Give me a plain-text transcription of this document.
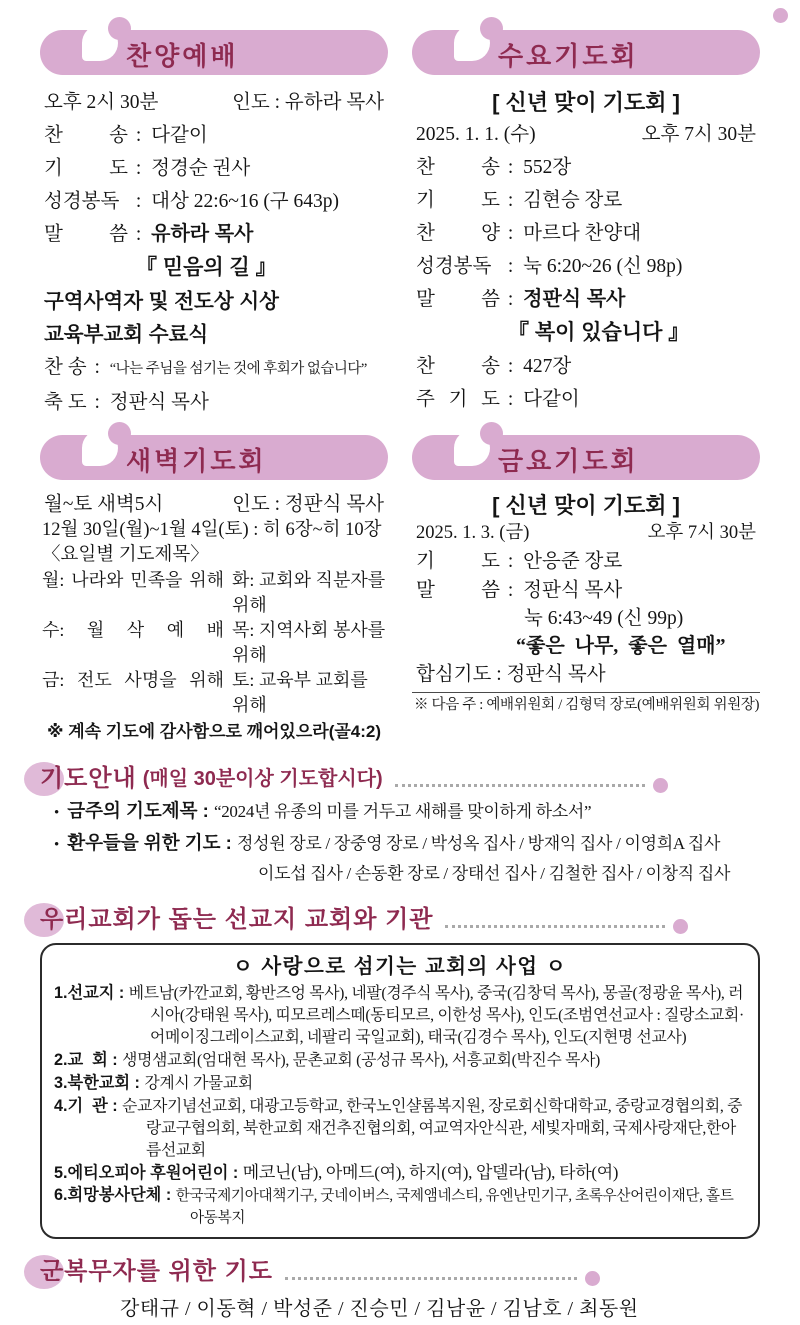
찬양예배
오후 2시 30분	인도 : 유하라 목사
찬 송 : 다같이
기 도 : 정경순 권사
성경봉독 : 대상 22:6~16 (구 643p)
말 씀 : 유하라 목사
『 믿음의 길 』
구역사역자 및 전도상 시상
교육부교회 수료식
찬 송 : “나는 주님을 섬기는 것에 후회가 없습니다”
축 도 : 정판식 목사
수요기도회
[ 신년 맞이 기도회 ]
2025. 1. 1. (수)	오후 7시 30분
찬 송 : 552장
기 도 : 김현승 장로
찬 양 : 마르다 찬양대
성경봉독 : 눅 6:20~26 (신 98p)
말 씀 : 정판식 목사
『 복이 있습니다 』
찬 송 : 427장
주 기 도 : 다같이
새벽기도회
월~토 새벽5시	인도 : 정판식 목사
12월 30일(월)~1월 4일(토) : 히 6장~히 10장
〈요일별 기도제목〉
월: 나라와 민족을 위해 화: 교회와 직분자를 위해
수: 월 삭 예 배 목: 지역사회 봉사를 위해
금: 전도 사명을 위해 토: 교육부 교회를 위해
※ 계속 기도에 감사함으로 깨어있으라(골4:2)
금요기도회
[ 신년 맞이 기도회 ]
2025. 1. 3. (금)	오후 7시 30분
기 도 : 안응준 장로
말 씀 : 정판식 목사
눅 6:43~49 (신 99p)
“좋은 나무, 좋은 열매”
합심기도 : 정판식 목사
※ 다음 주 : 예배위원회 / 김형덕 장로(예배위원회 위원장)
기도안내 (매일 30분이상 기도합시다)
• 금주의 기도제목 : “2024년 유종의 미를 거두고 새해를 맞이하게 하소서”
• 환우들을 위한 기도 : 정성원 장로 / 장중영 장로 / 박성옥 집사 / 방재익 집사 / 이영희A 집사
이도섭 집사 / 손동환 장로 / 장태선 집사 / 김철한 집사 / 이창직 집사
우리교회가 돕는 선교지 교회와 기관
ㅇ 사랑으로 섬기는 교회의 사업 ㅇ
1.선교지 : 베트남(카깐교회, 황반즈엉 목사), 네팔(경주식 목사), 중국(김창덕 목사), 몽골(정광윤 목사), 러시아(강태원 목사), 띠모르레스떼(동티모르, 이한성 목사), 인도(조범연선교사 : 질랑소교회·어메이징그레이스교회, 네팔리 국일교회), 태국(김경수 목사), 인도(지현명 선교사)
2.교  회 : 생명샘교회(엄대현 목사), 문촌교회 (공성규 목사), 서흥교회(박진수 목사)
3.북한교회 : 강계시 가물교회
4.기  관 : 순교자기념선교회, 대광고등학교, 한국노인샬롬복지원, 장로회신학대학교, 중랑교경협의회, 중랑교구협의회, 북한교회 재건추진협의회, 여교역자안식관, 세빛자매회, 국제사랑재단,한아름선교회
5.에티오피아 후원어린이 : 메코닌(남), 아메드(여), 하지(여), 압델라(남), 타하(여)
6.희망봉사단체 : 한국국제기아대책기구, 굿네이버스, 국제앰네스티, 유엔난민기구, 초록우산어린이재단, 홀트아동복지
군복무자를 위한 기도
강태규 / 이동혁 / 박성준 / 진승민 / 김남윤 / 김남호 / 최동원
